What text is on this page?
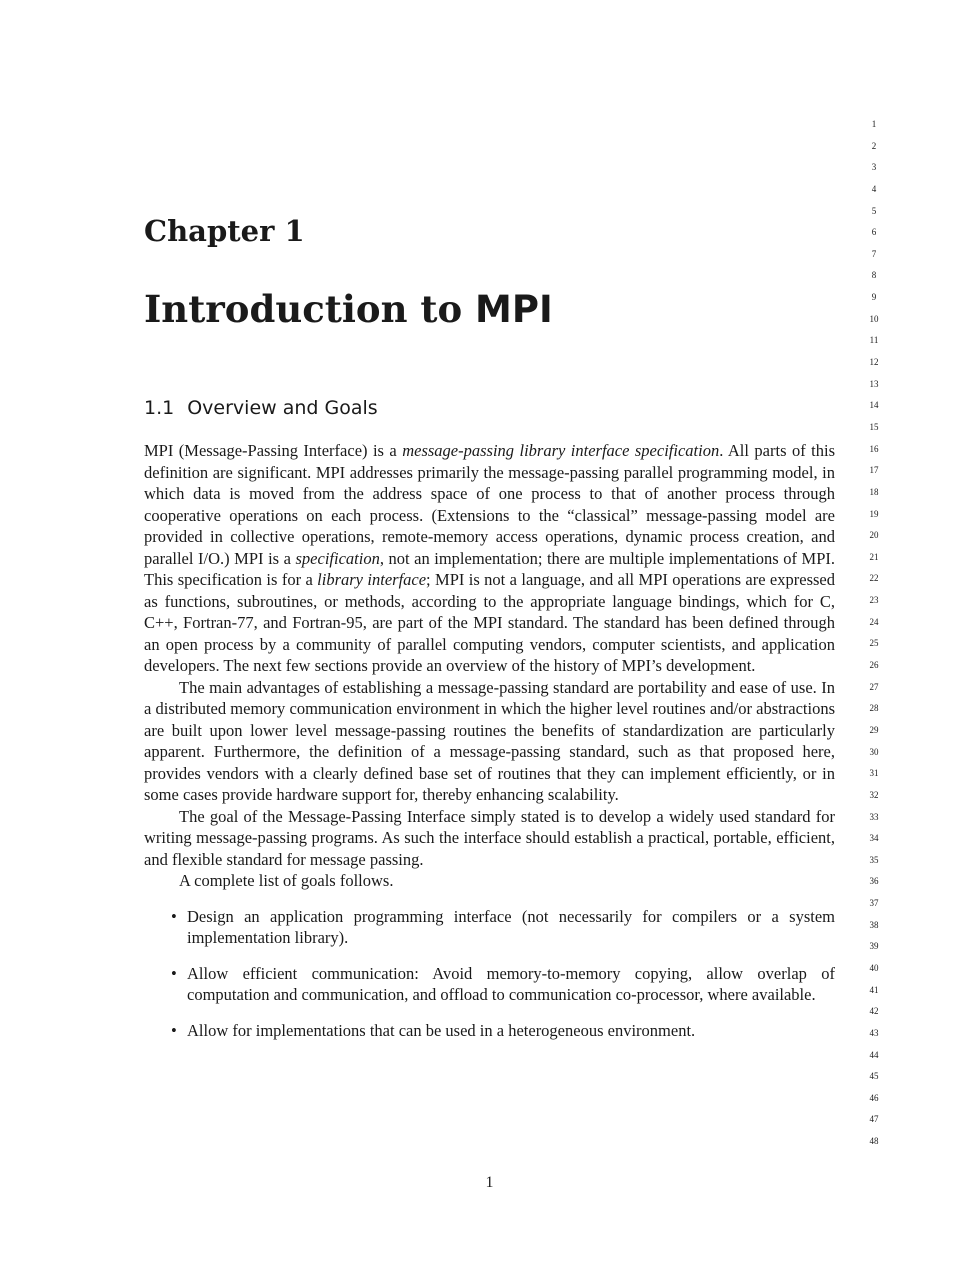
Chapter 1
Introduction to MPI
1.1 Overview and Goals

MPI (Message-Passing Interface) is a message-passing library interface specification. All parts of this definition are significant. MPI addresses primarily the message-passing parallel programming model, in which data is moved from the address space of one process to that of another process through cooperative operations on each process. (Extensions to the “classical” message-passing model are provided in collective operations, remote-memory access operations, dynamic process creation, and parallel I/O.) MPI is a specification, not an implementation; there are multiple implementations of MPI. This specification is for a library interface; MPI is not a language, and all MPI operations are expressed as functions, subroutines, or methods, according to the appropriate language bindings, which for C, C++, Fortran-77, and Fortran-95, are part of the MPI standard. The standard has been defined through an open process by a community of parallel computing vendors, computer scientists, and application developers. The next few sections provide an overview of the history of MPI’s development.

The main advantages of establishing a message-passing standard are portability and ease of use. In a distributed memory communication environment in which the higher level routines and/or abstractions are built upon lower level message-passing routines the benefits of standardization are particularly apparent. Furthermore, the definition of a message-passing standard, such as that proposed here, provides vendors with a clearly defined base set of routines that they can implement efficiently, or in some cases provide hardware support for, thereby enhancing scalability.

The goal of the Message-Passing Interface simply stated is to develop a widely used standard for writing message-passing programs. As such the interface should establish a practical, portable, efficient, and flexible standard for message passing.

A complete list of goals follows.

• Design an application programming interface (not necessarily for compilers or a system implementation library).
• Allow efficient communication: Avoid memory-to-memory copying, allow overlap of computation and communication, and offload to communication co-processor, where available.
• Allow for implementations that can be used in a heterogeneous environment.
1
2
3
4
5
6
7
8
9
10
11
12
13
14
15
16
17
18
19
20
21
22
23
24
25
26
27
28
29
30
31
32
33
34
35
36
37
38
39
40
41
42
43
44
45
46
47
48
1
